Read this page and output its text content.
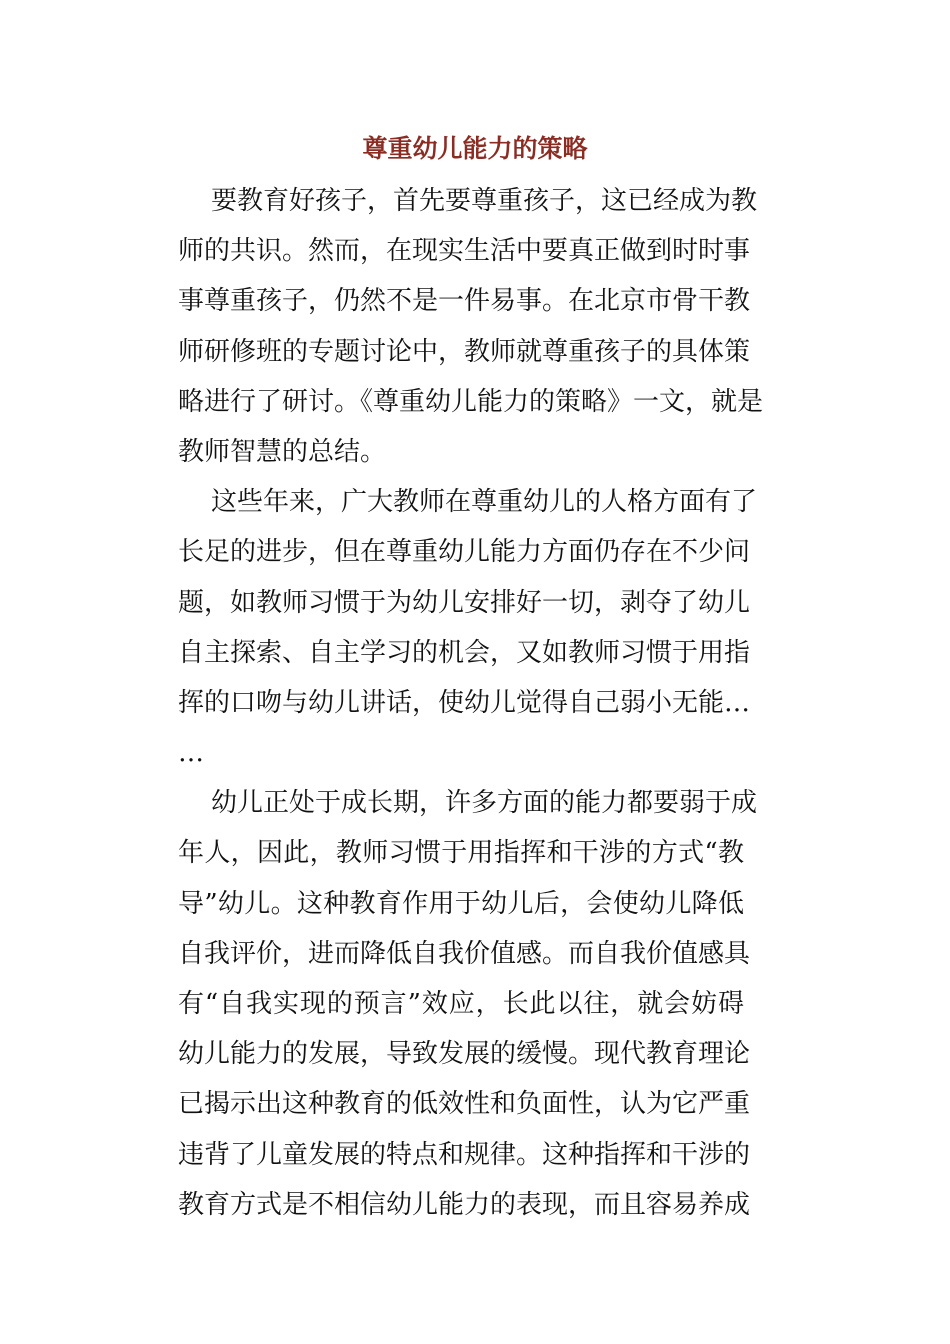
尊重幼儿能力的策略
要教育好孩子，首先要尊重孩子，这已经成为教
师的共识。然而，在现实生活中要真正做到时时事
事尊重孩子，仍然不是一件易事。在北京市骨干教
师研修班的专题讨论中，教师就尊重孩子的具体策
略进行了研讨。《尊重幼儿能力的策略》一文，就是
教师智慧的总结。
这些年来，广大教师在尊重幼儿的人格方面有了
长足的进步，但在尊重幼儿能力方面仍存在不少问
题，如教师习惯于为幼儿安排好一切，剥夺了幼儿
自主探索、自主学习的机会，又如教师习惯于用指
挥的口吻与幼儿讲话，使幼儿觉得自己弱小无能…
…
幼儿正处于成长期，许多方面的能力都要弱于成
年人，因此，教师习惯于用指挥和干涉的方式“教
导”幼儿。这种教育作用于幼儿后，会使幼儿降低
自我评价，进而降低自我价值感。而自我价值感具
有“自我实现的预言”效应，长此以往，就会妨碍
幼儿能力的发展，导致发展的缓慢。现代教育理论
已揭示出这种教育的低效性和负面性，认为它严重
违背了儿童发展的特点和规律。这种指挥和干涉的
教育方式是不相信幼儿能力的表现，而且容易养成
